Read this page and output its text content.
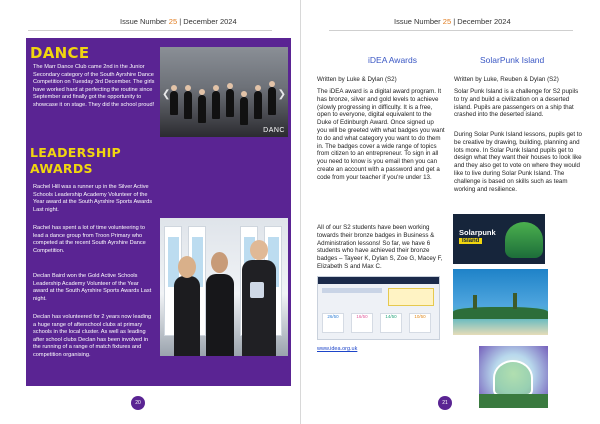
Issue Number 25 | December 2024
DANCE
The Marr Dance Club came 2nd in the Junior Secondary category of the South Ayrshire Dance Competition on Tuesday 3rd December. The girls have worked hard at perfecting the routine since September and finally got the opportunity to showcase it on stage. They did the school proud!
❮	❯
DANC
LEADERSHIP AWARDS
Rachel Hill was a runner up in the Silver Active Schools Leadership Academy Volunteer of the Year award at the South Ayrshire Sports Awards Last night.
Rachel has spent a lot of time volunteering to lead a dance group from Troon Primary who competed at the recent South Ayrshire Dance Competition.
Declan Baird won the Gold Active Schools Leadership Academy Volunteer of the Year award at the South Ayrshire Sports Awards Last night.
Declan has volunteered for 2 years now leading a huge range of afterschool clubs at primary schools in the local cluster. As well as leading after school clubs Declan has been involved in the running of a range of match fixtures and competition organising.
20
Issue Number 25 | December 2024
iDEA Awards
Written by Luke & Dylan (S2)
The iDEA award is a digital award program. It has bronze, silver and gold levels to achieve (slowly progressing in difficulty. It is a free, open to everyone, digital equivalent to the Duke of Edinburgh Award. Once signed up you will be greeted with what badges you want to do and what category you want to do them in. The badges cover a wide range of topics from citizen to an entrepreneur. To sign in all you need to know is you email then you can create an account with a password and get a code from your teacher if you're under 13.
All of our S2 students have been working towards their bronze badges in Business & Administration lessons! So far, we have 6 students who have achieved their bronze badges – Tayeer K, Dylan S, Zoe G, Macey F, Elizabeth S and Max C.
26/50	16/50	14/50	10/50
www.idea.org.uk
SolarPunk Island
Written by Luke, Reuben & Dylan (S2)
Solar Punk Island is a challenge for S2 pupils to try and build a civilization on a deserted island. Pupils are passengers on a ship that crashed into the deserted island.
During Solar Punk Island lessons, pupils get to be creative by drawing, building, planning and lots more. In Solar Punk Island pupils get to design what they want their houses to look like and they also get to vote on where they would like to live during Solar Punk Island. The challenge is based on skills such as team working and resilience.
Solarpunk
Island
21
